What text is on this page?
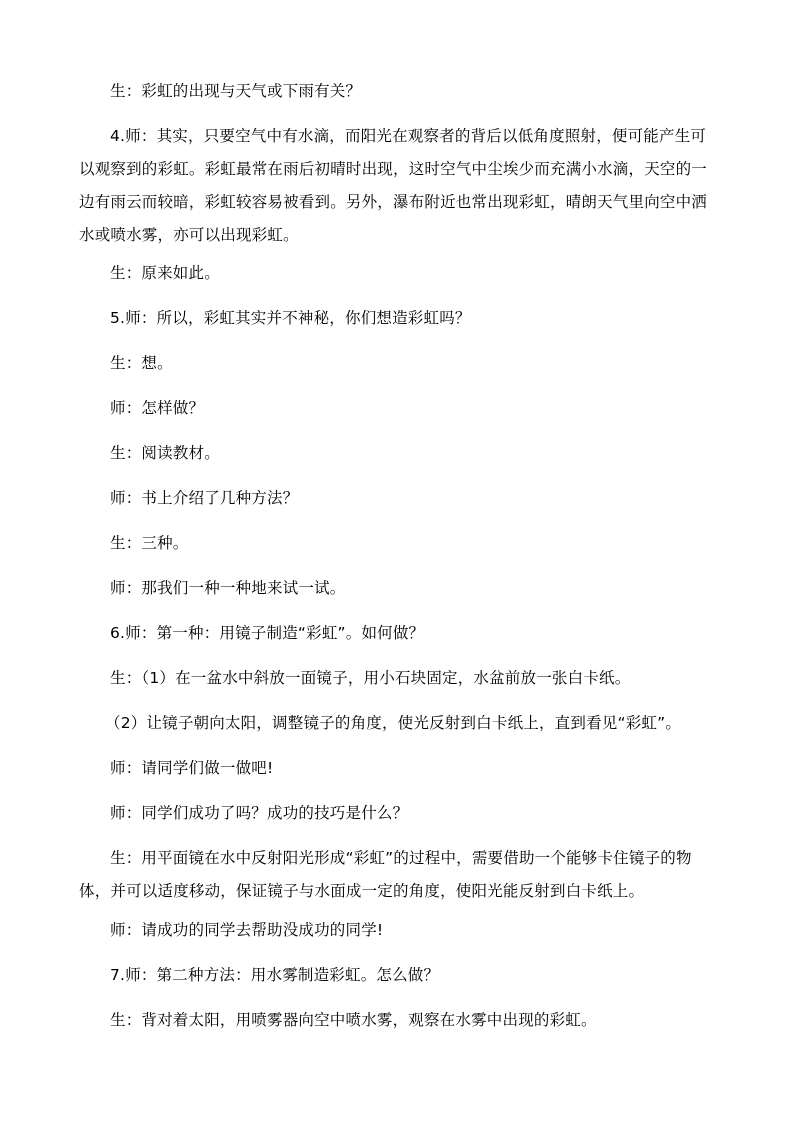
生：彩虹的出现与天气或下雨有关？
4.师：其实，只要空气中有水滴，而阳光在观察者的背后以低角度照射，便可能产生可
以观察到的彩虹。彩虹最常在雨后初晴时出现，这时空气中尘埃少而充满小水滴，天空的一
边有雨云而较暗，彩虹较容易被看到。另外，瀑布附近也常出现彩虹，晴朗天气里向空中洒
水或喷水雾，亦可以出现彩虹。
生：原来如此。
5.师：所以，彩虹其实并不神秘，你们想造彩虹吗？
生：想。
师：怎样做？
生：阅读教材。
师：书上介绍了几种方法？
生：三种。
师：那我们一种一种地来试一试。
6.师：第一种：用镜子制造“彩虹”。如何做？
生：（1）在一盆水中斜放一面镜子，用小石块固定，水盆前放一张白卡纸。
（2）让镜子朝向太阳，调整镜子的角度，使光反射到白卡纸上，直到看见“彩虹”。
师：请同学们做一做吧!
师：同学们成功了吗？成功的技巧是什么？
生：用平面镜在水中反射阳光形成“彩虹”的过程中，需要借助一个能够卡住镜子的物
体，并可以适度移动，保证镜子与水面成一定的角度，使阳光能反射到白卡纸上。
师：请成功的同学去帮助没成功的同学!
7.师：第二种方法：用水雾制造彩虹。怎么做？
生：背对着太阳，用喷雾器向空中喷水雾，观察在水雾中出现的彩虹。
